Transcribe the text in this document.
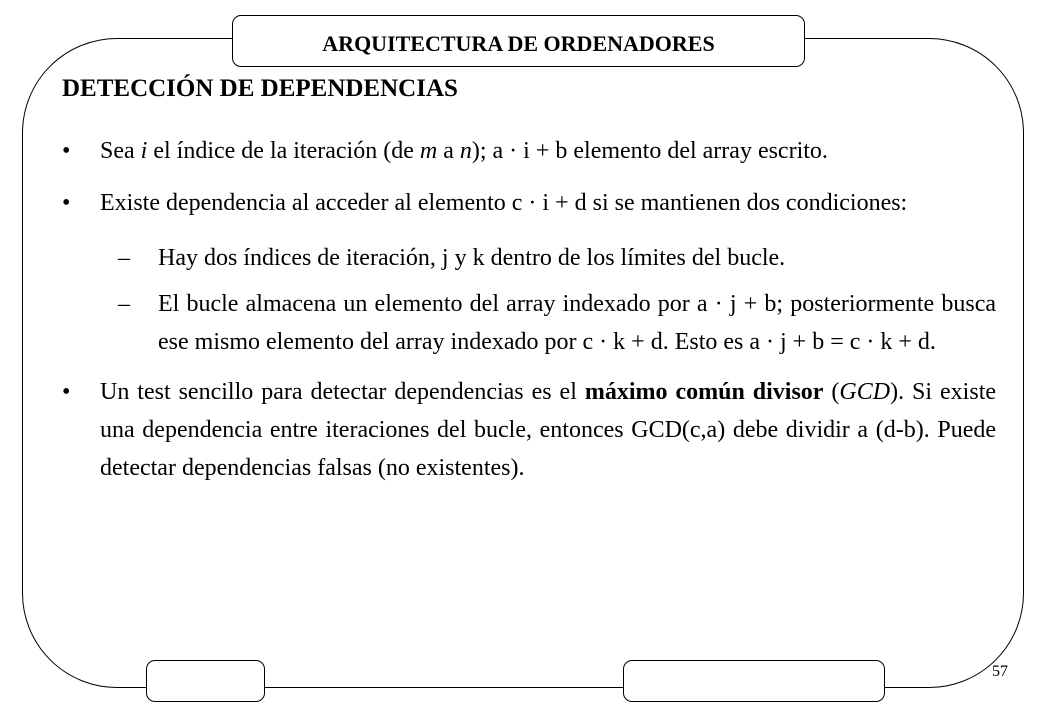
ARQUITECTURA DE ORDENADORES

DETECCIÓN DE DEPENDENCIAS

• Sea i el índice de la iteración (de m a n); a · i + b elemento del array escrito.
• Existe dependencia al acceder al elemento c · i + d si se mantienen dos condiciones:
– Hay dos índices de iteración, j y k dentro de los límites del bucle.
– El bucle almacena un elemento del array indexado por a · j + b; posteriormente busca ese mismo elemento del array indexado por c · k + d. Esto es a · j + b = c · k + d.
• Un test sencillo para detectar dependencias es el máximo común divisor (GCD). Si existe una dependencia entre iteraciones del bucle, entonces GCD(c,a) debe dividir a (d-b). Puede detectar dependencias falsas (no existentes).
57
